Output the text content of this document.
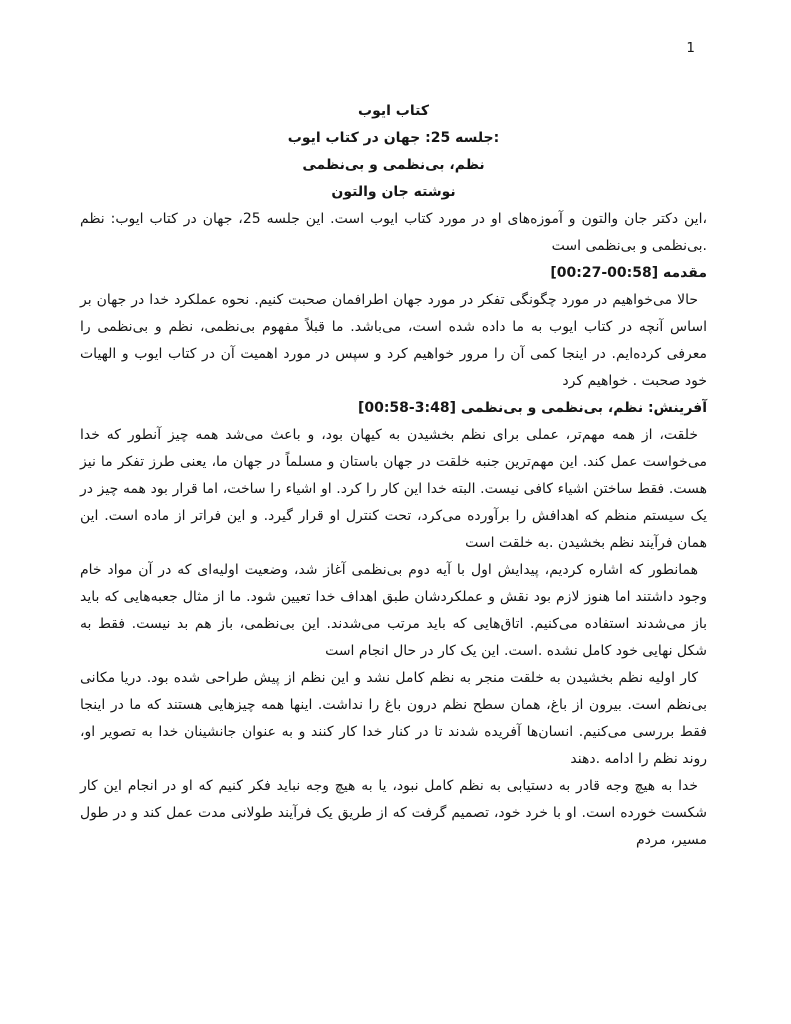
1

کتاب ایوب

:جلسه 25: جهان در کتاب ایوب

نظم، بی‌نظمی و بی‌نظمی

نوشته جان والتون

،این دکتر جان والتون و آموزه‌های او در مورد کتاب ایوب است. این جلسه 25، جهان در کتاب ایوب: نظم .بی‌نظمی و بی‌نظمی است

مقدمه [00:58-00:27]

حالا می‌خواهیم در مورد چگونگی تفکر در مورد جهان اطرافمان صحبت کنیم. نحوه عملکرد خدا در جهان بر اساس آنچه در کتاب ایوب به ما داده شده است، می‌باشد. ما قبلاً مفهوم بی‌نظمی، نظم و بی‌نظمی را معرفی کرده‌ایم. در اینجا کمی آن را مرور خواهیم کرد و سپس در مورد اهمیت آن در کتاب ایوب و الهیات خود صحبت . خواهیم کرد

آفرینش: نظم، بی‌نظمی و بی‌نظمی [3:48-00:58]

خلقت، از همه مهم‌تر، عملی برای نظم بخشیدن به کیهان بود، و باعث می‌شد همه چیز آنطور که خدا می‌خواست عمل کند. این مهم‌ترین جنبه خلقت در جهان باستان و مسلماً در جهان ما، یعنی طرز تفکر ما نیز هست. فقط ساختن اشیاء کافی نیست. البته خدا این کار را کرد. او اشیاء را ساخت، اما قرار بود همه چیز در یک سیستم منظم که اهدافش را برآورده می‌کرد، تحت کنترل او قرار گیرد. و این فراتر از ماده است. این همان فرآیند نظم بخشیدن .به خلقت است

همانطور که اشاره کردیم، پیدایش اول با آیه دوم بی‌نظمی آغاز شد، وضعیت اولیه‌ای که در آن مواد خام وجود داشتند اما هنوز لازم بود نقش و عملکردشان طبق اهداف خدا تعیین شود. ما از مثال جعبه‌هایی که باید باز می‌شدند استفاده می‌کنیم. اتاق‌هایی که باید مرتب می‌شدند. این بی‌نظمی، باز هم بد نیست. فقط به شکل نهایی خود کامل نشده .است. این یک کار در حال انجام است

کار اولیه نظم بخشیدن به خلقت منجر به نظم کامل نشد و این نظم از پیش طراحی شده بود. دریا مکانی بی‌نظم است. بیرون از باغ، همان سطح نظم درون باغ را نداشت. اینها همه چیزهایی هستند که ما در اینجا فقط بررسی می‌کنیم. انسان‌ها آفریده شدند تا در کنار خدا کار کنند و به عنوان جانشینان خدا به تصویر او، روند نظم را ادامه .دهند

خدا به هیچ وجه قادر به دستیابی به نظم کامل نبود، یا به هیچ وجه نباید فکر کنیم که او در انجام این کار شکست خورده است. او با خرد خود، تصمیم گرفت که از طریق یک فرآیند طولانی مدت عمل کند و در طول مسیر، مردم
